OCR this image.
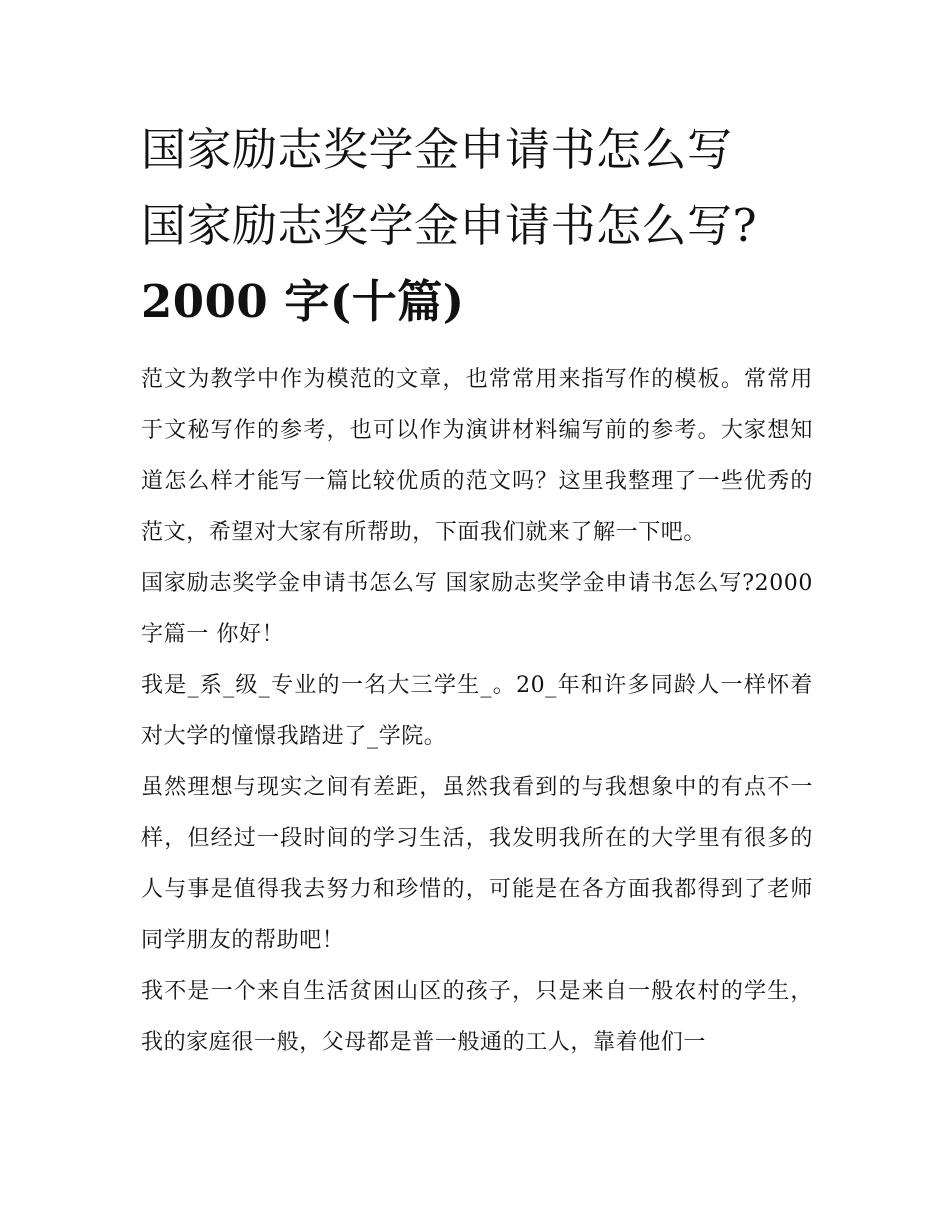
国家励志奖学金申请书怎么写
国家励志奖学金申请书怎么写?
2000 字(十篇)

范文为教学中作为模范的文章，也常常用来指写作的模板。常常用于文秘写作的参考，也可以作为演讲材料编写前的参考。大家想知道怎么样才能写一篇比较优质的范文吗？这里我整理了一些优秀的范文，希望对大家有所帮助，下面我们就来了解一下吧。

国家励志奖学金申请书怎么写 国家励志奖学金申请书怎么写?2000 字篇一 你好！

我是_系_级_专业的一名大三学生_。20_年和许多同龄人一样怀着对大学的憧憬我踏进了_学院。

虽然理想与现实之间有差距，虽然我看到的与我想象中的有点不一样，但经过一段时间的学习生活，我发明我所在的大学里有很多的人与事是值得我去努力和珍惜的，可能是在各方面我都得到了老师同学朋友的帮助吧！

我不是一个来自生活贫困山区的孩子，只是来自一般农村的学生，我的家庭很一般，父母都是普一般通的工人，靠着他们一
